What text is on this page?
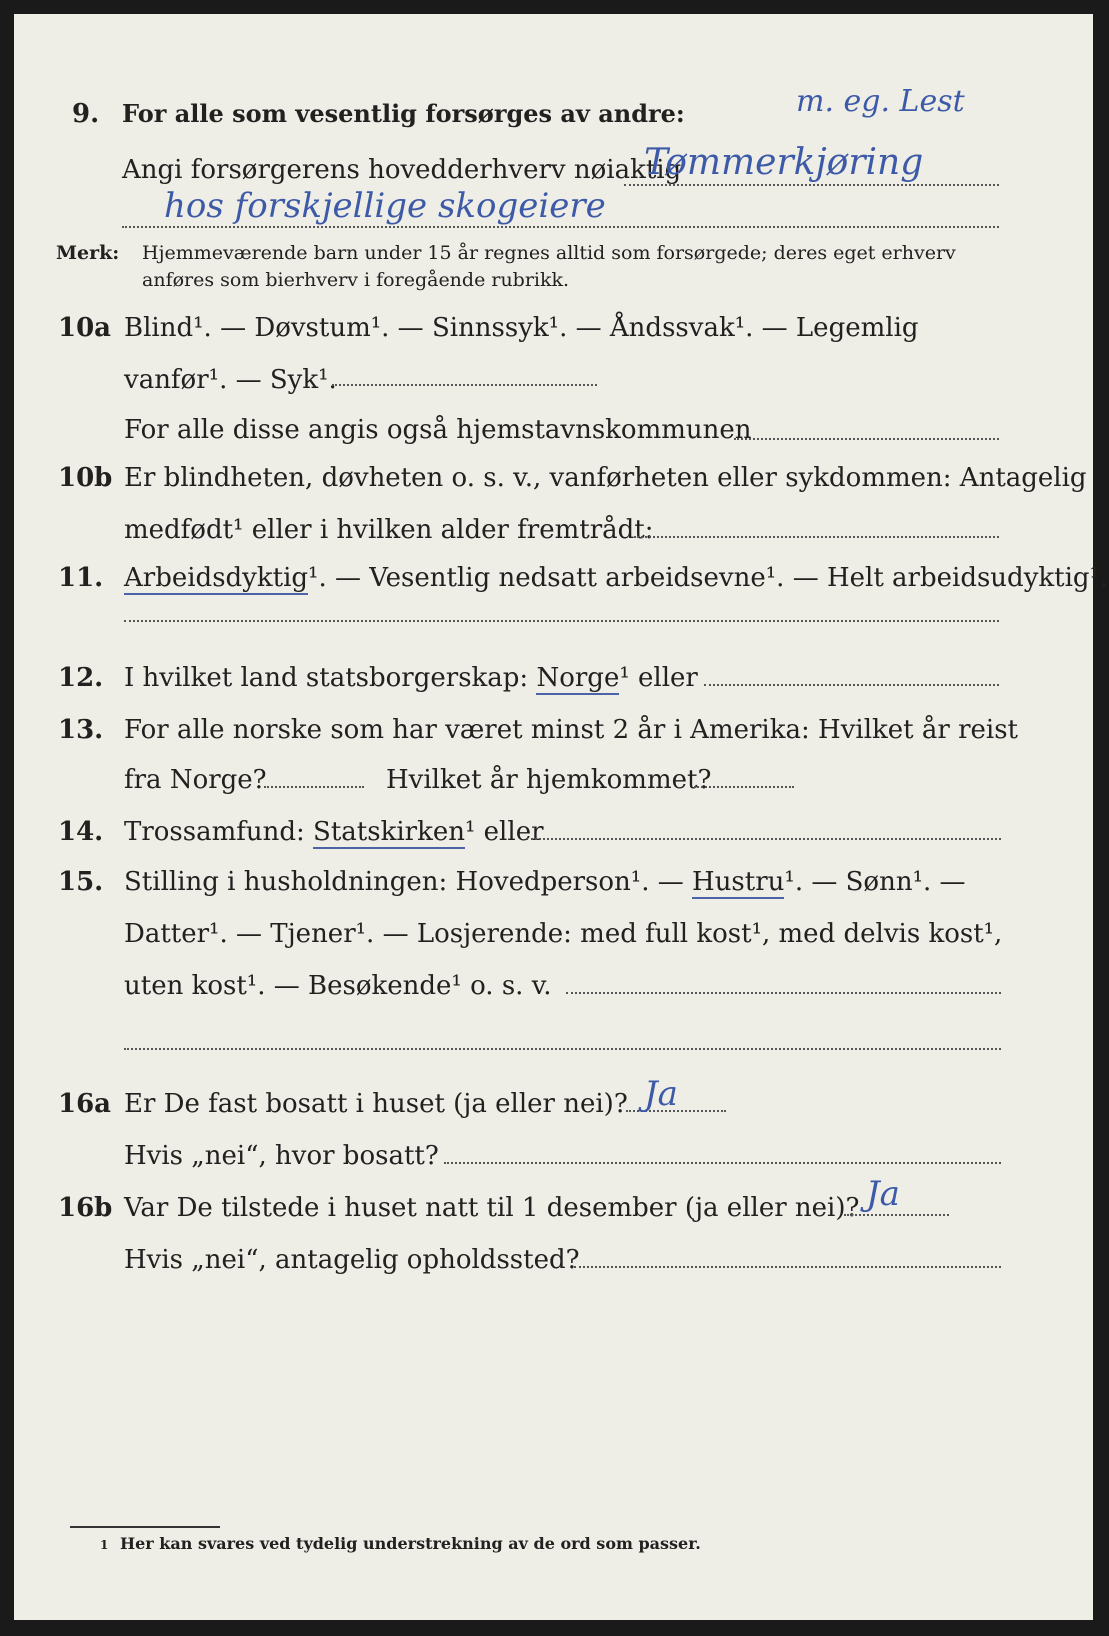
9. For alle som vesentlig forsørges av andre:	m. eg. Lest
Angi forsørgerens hovedderhverv nøiaktig
Tømmerkjøring
hos forskjellige skogeiere
Merk: Hjemmeværende barn under 15 år regnes alltid som forsørgede; deres eget erhverv
anføres som bierhverv i foregående rubrikk.
10a Blind¹. — Døvstum¹. — Sinnssyk¹. — Åndssvak¹. — Legemlig
vanfør¹. — Syk¹.
For alle disse angis også hjemstavnskommunen
10b Er blindheten, døvheten o. s. v., vanførheten eller sykdommen: Antagelig
medfødt¹ eller i hvilken alder fremtrådt:
11. Arbeidsdyktig¹. — Vesentlig nedsatt arbeidsevne¹. — Helt arbeidsudyktig¹.
12. I hvilket land statsborgerskap: Norge¹ eller
13. For alle norske som har været minst 2 år i Amerika: Hvilket år reist
fra Norge?	Hvilket år hjemkommet?
14. Trossamfund: Statskirken¹ eller
15. Stilling i husholdningen: Hovedperson¹. — Hustru¹. — Sønn¹. —
Datter¹. — Tjener¹. — Losjerende: med full kost¹, med delvis kost¹,
uten kost¹. — Besøkende¹ o. s. v.
16a Er De fast bosatt i huset (ja eller nei)? Ja
Hvis „nei“, hvor bosatt?
16b Var De tilstede i huset natt til 1 desember (ja eller nei)? Ja
Hvis „nei“, antagelig opholdssted?
1 Her kan svares ved tydelig understrekning av de ord som passer.
